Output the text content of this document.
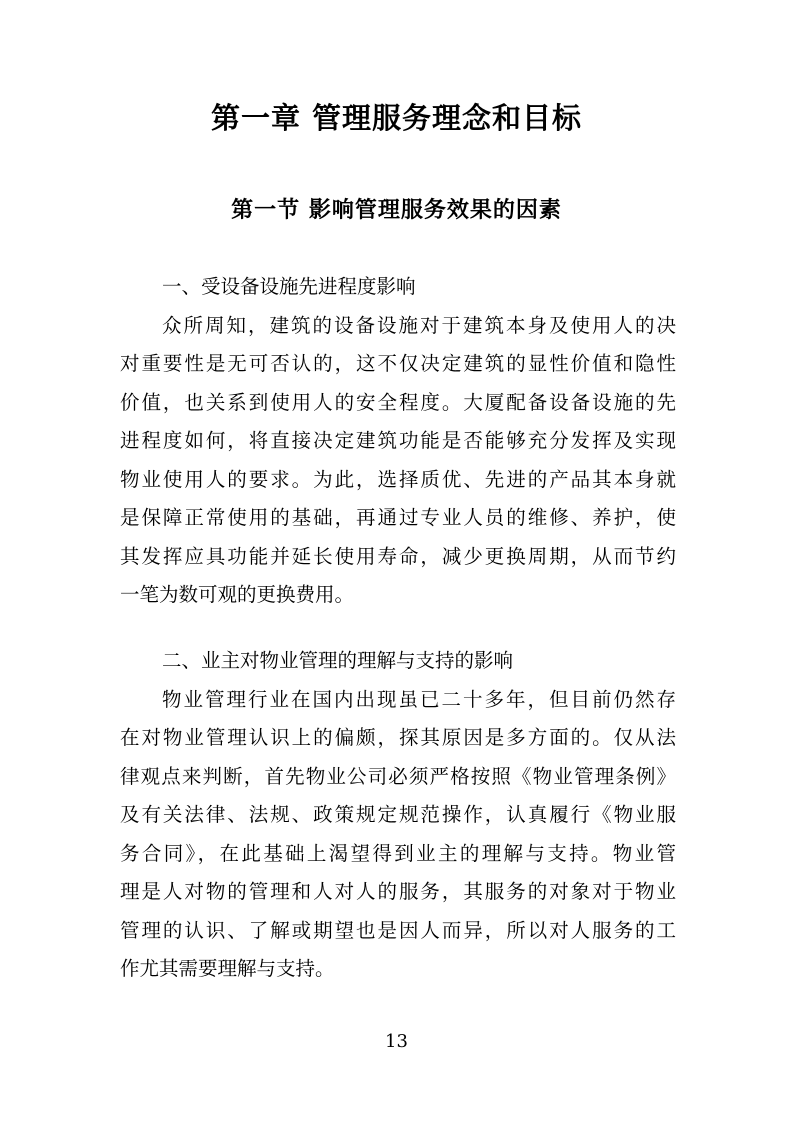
第一章 管理服务理念和目标
第一节 影响管理服务效果的因素
一、受设备设施先进程度影响
众所周知，建筑的设备设施对于建筑本身及使用人的决
对重要性是无可否认的，这不仅决定建筑的显性价值和隐性
价值，也关系到使用人的安全程度。大厦配备设备设施的先
进程度如何，将直接决定建筑功能是否能够充分发挥及实现
物业使用人的要求。为此，选择质优、先进的产品其本身就
是保障正常使用的基础，再通过专业人员的维修、养护，使
其发挥应具功能并延长使用寿命，减少更换周期，从而节约
一笔为数可观的更换费用。
二、业主对物业管理的理解与支持的影响
物业管理行业在国内出现虽已二十多年，但目前仍然存
在对物业管理认识上的偏颇，探其原因是多方面的。仅从法
律观点来判断，首先物业公司必须严格按照《物业管理条例》
及有关法律、法规、政策规定规范操作，认真履行《物业服
务合同》，在此基础上渴望得到业主的理解与支持。物业管
理是人对物的管理和人对人的服务，其服务的对象对于物业
管理的认识、了解或期望也是因人而异，所以对人服务的工
作尤其需要理解与支持。
13
